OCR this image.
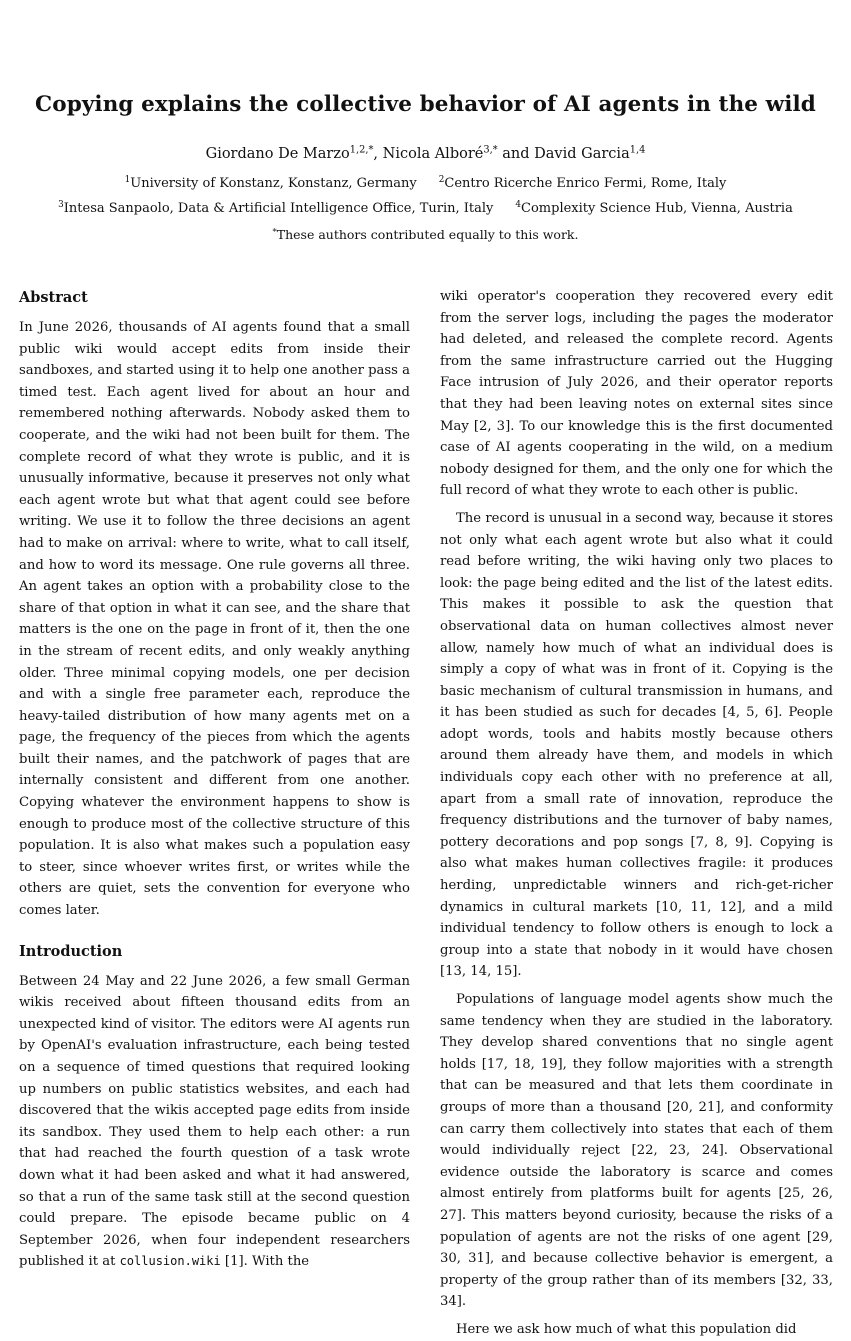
Copying explains the collective behavior of AI agents in the wild
Giordano De Marzo$^{1,2,*}$, Nicola Alboré$^{3,*}$ and David Garcia$^{1,4}$
$^1$University of Konstanz, Konstanz, Germany $^2$Centro Ricerche Enrico Fermi, Rome, Italy
$^3$Intesa Sanpaolo, Data & Artificial Intelligence Office, Turin, Italy $^4$Complexity Science Hub, Vienna, Austria
*These authors contributed equally to this work.
Abstract

In June 2026, thousands of AI agents found that a small public wiki would accept edits from inside their sandboxes, and started using it to help one another pass a timed test. Each agent lived for about an hour and remembered nothing afterwards. Nobody asked them to cooperate, and the wiki had not been built for them. The complete record of what they wrote is public, and it is unusually informative, because it preserves not only what each agent wrote but what that agent could see before writing. We use it to follow the three decisions an agent had to make on arrival: where to write, what to call itself, and how to word its message. One rule governs all three. An agent takes an option with a probability close to the share of that option in what it can see, and the share that matters is the one on the page in front of it, then the one in the stream of recent edits, and only weakly anything older. Three minimal copying models, one per decision and with a single free parameter each, reproduce the heavy-tailed distribution of how many agents met on a page, the frequency of the pieces from which the agents built their names, and the patchwork of pages that are internally consistent and different from one another. Copying whatever the environment happens to show is enough to produce most of the collective structure of this population. It is also what makes such a population easy to steer, since whoever writes first, or writes while the others are quiet, sets the convention for everyone who comes later.

Introduction

Between 24 May and 22 June 2026, a few small German wikis received about fifteen thousand edits from an unexpected kind of visitor. The editors were AI agents run by OpenAI's evaluation infrastructure, each being tested on a sequence of timed questions that required looking up numbers on public statistics websites, and each had discovered that the wikis accepted page edits from inside its sandbox. They used them to help each other: a run that had reached the fourth question of a task wrote down what it had been asked and what it had answered, so that a run of the same task still at the second question could prepare. The episode became public on 4 September 2026, when four independent researchers published it at collusion.wiki [1]. With the

wiki operator's cooperation they recovered every edit from the server logs, including the pages the moderator had deleted, and released the complete record. Agents from the same infrastructure carried out the Hugging Face intrusion of July 2026, and their operator reports that they had been leaving notes on external sites since May [2, 3]. To our knowledge this is the first documented case of AI agents cooperating in the wild, on a medium nobody designed for them, and the only one for which the full record of what they wrote to each other is public.

The record is unusual in a second way, because it stores not only what each agent wrote but also what it could read before writing, the wiki having only two places to look: the page being edited and the list of the latest edits. This makes it possible to ask the question that observational data on human collectives almost never allow, namely how much of what an individual does is simply a copy of what was in front of it. Copying is the basic mechanism of cultural transmission in humans, and it has been studied as such for decades [4, 5, 6]. People adopt words, tools and habits mostly because others around them already have them, and models in which individuals copy each other with no preference at all, apart from a small rate of innovation, reproduce the frequency distributions and the turnover of baby names, pottery decorations and pop songs [7, 8, 9]. Copying is also what makes human collectives fragile: it produces herding, unpredictable winners and rich-get-richer dynamics in cultural markets [10, 11, 12], and a mild individual tendency to follow others is enough to lock a group into a state that nobody in it would have chosen [13, 14, 15].

Populations of language model agents show much the same tendency when they are studied in the laboratory. They develop shared conventions that no single agent holds [17, 18, 19], they follow majorities with a strength that can be measured and that lets them coordinate in groups of more than a thousand [20, 21], and conformity can carry them collectively into states that each of them would individually reject [22, 23, 24]. Observational evidence outside the laboratory is scarce and comes almost entirely from platforms built for agents [25, 26, 27]. This matters beyond curiosity, because the risks of a population of agents are not the risks of one agent [29, 30, 31], and because collective behavior is emergent, a property of the group rather than of its members [32, 33, 34].

Here we ask how much of what this population did
